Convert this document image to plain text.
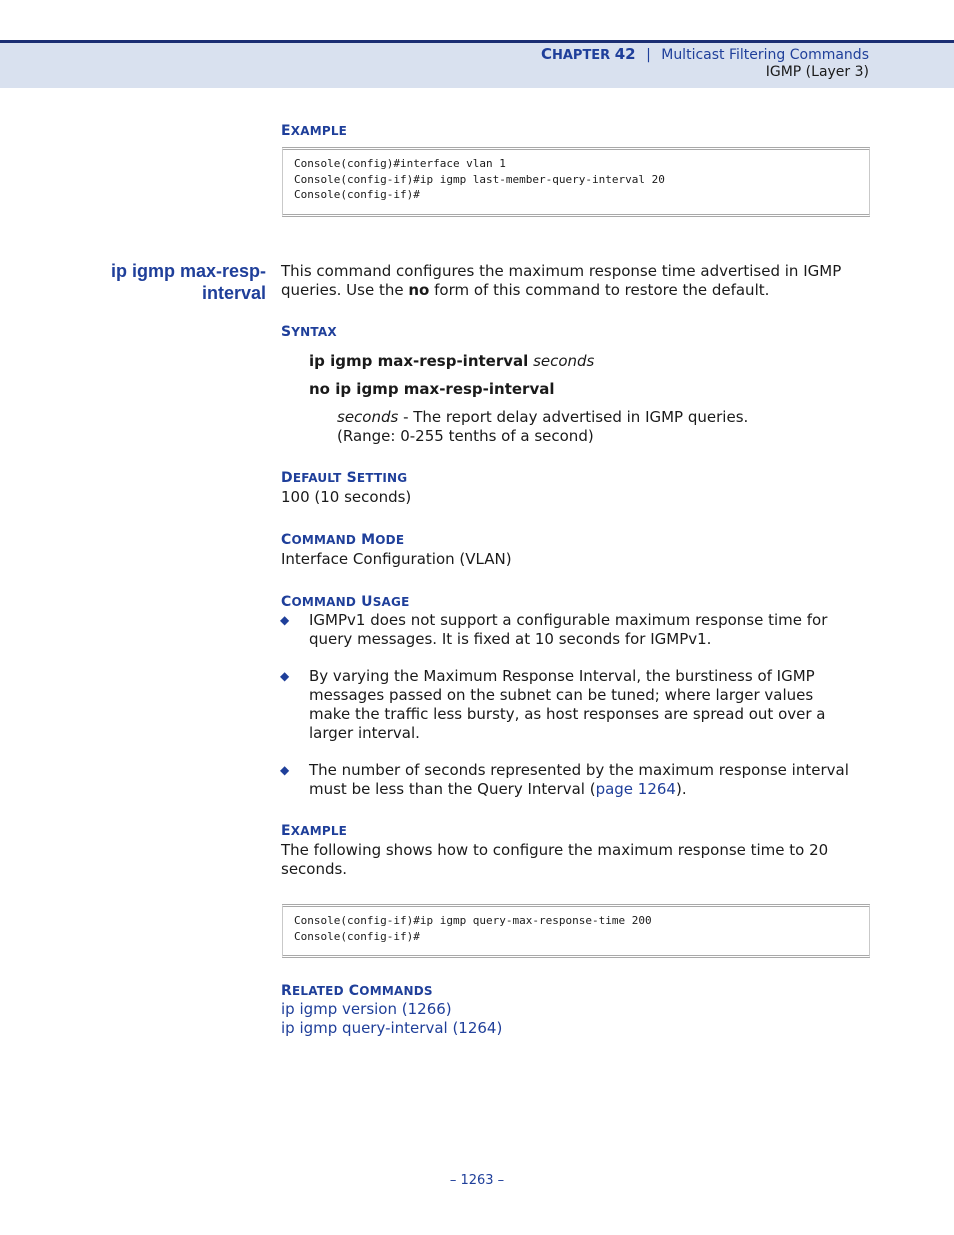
CHAPTER 42 | Multicast Filtering Commands
IGMP (Layer 3)
EXAMPLE
Console(config)#interface vlan 1
Console(config-if)#ip igmp last-member-query-interval 20
Console(config-if)#
ip igmp max-resp-
interval
This command configures the maximum response time advertised in IGMP
queries. Use the no form of this command to restore the default.
SYNTAX
ip igmp max-resp-interval seconds
no ip igmp max-resp-interval
seconds - The report delay advertised in IGMP queries.
(Range: 0-255 tenths of a second)
DEFAULT SETTING
100 (10 seconds)
COMMAND MODE
Interface Configuration (VLAN)
COMMAND USAGE
◆ IGMPv1 does not support a configurable maximum response time for
query messages. It is fixed at 10 seconds for IGMPv1.
◆ By varying the Maximum Response Interval, the burstiness of IGMP
messages passed on the subnet can be tuned; where larger values
make the traffic less bursty, as host responses are spread out over a
larger interval.
◆ The number of seconds represented by the maximum response interval
must be less than the Query Interval (page 1264).
EXAMPLE
The following shows how to configure the maximum response time to 20
seconds.
Console(config-if)#ip igmp query-max-response-time 200
Console(config-if)#
RELATED COMMANDS
ip igmp version (1266)
ip igmp query-interval (1264)
– 1263 –
